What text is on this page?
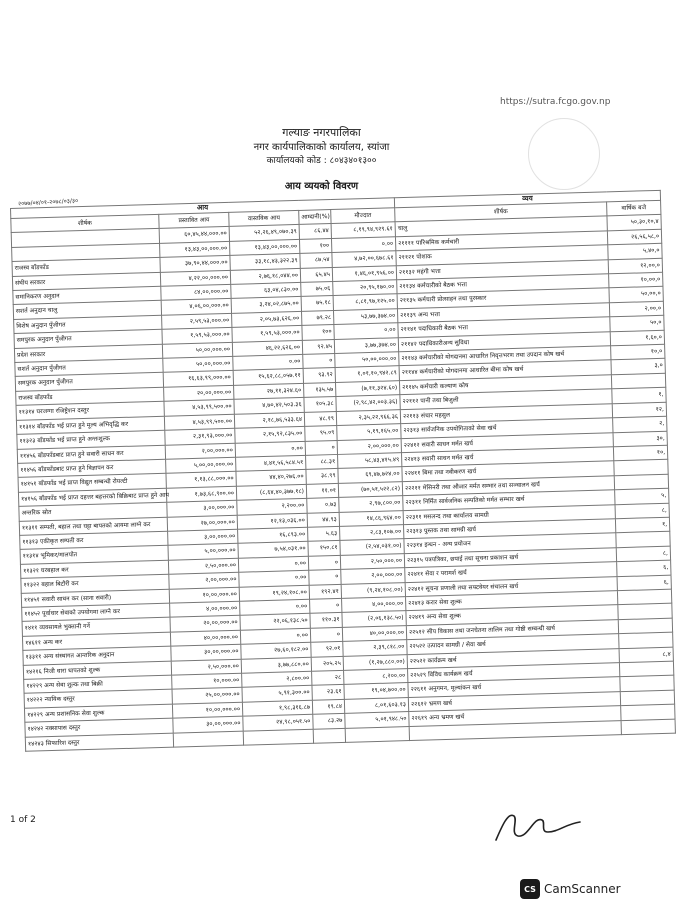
https://sutra.fcgo.gov.np
गल्याङ नगरपालिका
नगर कार्यपालिकाको कार्यालय, स्यांजा
कार्यालयको कोड : ८०४३४०१३००
आय व्ययको विवरण
२०७७/०४/०१-२०७८/०३/३०
आय					व्यय	
शीर्षक	प्रस्तावित आय	वास्तविक आय	आम्दानी(%)	मौज्दात	शीर्षक	वार्षिक बजे
	६०,४५,४४,०००.००	५२,२६,४९,०७०.३९	८६.४४	८,१९,९४,९२९.६१	चालु	५०,३०,१०,४
	१३,४३,००,०००.००	१३,४३,००,०००.००	१००	०.००	२११११ पारिश्रमिक कर्मचारी	२६,५६,५८,०
राजस्व बाँडफाँड	३७,९०,४४,०००.००	३३,१८,४३,३२२.३९	८७.५४	४,७२,००,६७८.६१	२११२१ पोशाक	५,४०,०
संघीय सरकार	४,२२,००,०००.००	२,७६,१८,०४४.००	६५.४५	१,४६,०१,९५६.००	२११३२ महंगी भत्ता	१२,००,०
समानिकरण अनुदान	८४,००,०००.००	६३,०४,८३०.००	७५.०६	२०,९५,१७०.००	२११३४ कर्मचारीको बैठक भत्ता	१०,००,०
सशर्त अनुदान चालु	४,०६,००,०००.००	३,२४,०२,८७५.००	७५.१८	८,८१,९७,१२५.००	२११३५ कर्मचारी प्रोत्साहन तथा पुरस्कार	५०,००,०
विशेष अनुदान पुँजीगत	२,५९,५३,०००.००	२,०५,७३,६२६.००	७९.२८	५३,७७,३७४.००	२११३९ अन्य भत्ता	२,००,०
समपुरक अनुदान पुँजीगत	१,५९,५३,०००.००	१,५९,५३,०००.००	१००	०.००	२११४१ पदाधिकारी बैठक भत्ता	५०,०
प्रदेश सरकार	५०,००,०००.००	४६,२२,६२६.००	९२.४५	३,७७,३७४.००	२११४२ पदाधिकारीअन्य सुविधा	१,६०,०
सशर्त अनुदान पुँजीगत	५०,००,०००.००	०.००	०	५०,००,०००.००	२११४३ कर्मचारीको योगदानमा आधारित निवृत्तभरण तथा उपदान कोष खर्च	१०,०
समपुरक अनुदान पुँजीगत	१६,६३,९९,०००.००	१५,६२,८८,०५७.११	९३.९२	१,०१,१०,९४२.८९	२११४४ कर्मचारीको योगदानमा आधारित बीमा कोष खर्च	३,०
राजस्व बाँडफाँड	२०,००,०००.००	२७,११,३२४.६०	१३५.५७	(७,११,३२४.६०)	२११४५ कर्मचारी कल्याण कोष	
११३१४ घरजग्गा रजिष्ट्रेशन दस्तुर	४,५३,९९,५००.००	४,७०,४२,५०३.३६	१०५.३८	(२,९८,४२,००३.३६)	२२११२ पानी तथा बिजुली	१,
११३१४ बाँडफाँड भई प्राप्त हुने मूल्य अभिवृद्धि कर	४,५३,९९,५००.००	२,१८,७६,५३३.६४	४८.१९	२,३५,२२,९६६.३६	२२११३ संचार महसुल	१२,
११३२३ बाँडफाँड भई प्राप्त हुने अन्तःशुल्क	२,३१,९३,०००.००	२,१५,९२,८३५.००	९५.०९	५,१९,१६५.००	२२३१३ सार्वजनिक उपयोगिताको सेवा खर्च	२,
११४५६ बाँडफाँडबाट प्राप्त हुने सवारी साधन कर	२,००,०००.००	०.००	०	२,००,०००.००	२२४१२ सवारी साधन मर्मत खर्च	३०,
११४५६ बाँडफाँडबाट प्राप्त हुने विज्ञापन कर	५,००,००,०००.००	४,४१,५६,५८४.५१	८८.३१	५८,४३,४१५.४९	२२४१३ सवारी साधन मर्मत खर्च	१०,
१४१५१ बाँडफाँड भई प्राप्त विद्युत सम्बन्धी रोयल्टी	१,१३,८८,०००.००	४४,४०,२७६.००	३८.९९	६९,४७,७२४.००	२२४११ बिमा तथा नवीकरण खर्च	
१४१५६ बाँडफाँड भई प्राप्त दहत्तर बहत्तरको बिक्रिबाट प्राप्त हुने आय	१,७३,६८,९००.००	(८,६४,४०,३७७.१८)	११.०१	(७०,५१,५२२.८२)	२२२११ मेसिनरी तथा औजार मर्मत सम्भार तथा सञ्चालन खर्च	
अन्तरिक स्रोत	३,००,०००.००	२,२००.००	०.७३	२,९७,८००.००	२२३११ निर्मित सार्वजनिक सम्पतिको मर्मत सम्भार खर्च	५,
११३११ सम्पती, बहाल तथा घट्टा बापतको आयमा लाग्ने कर	२७,००,०००.००	१२,१३,०३६.००	४४.९३	१४,८६,९६४.००	२२३११ मसलन्द तथा कार्यालय सामग्री	८,
११३१३ एकीकृत सम्पती कर	३,००,०००.००	१६,८९३.००	५.६३	२,८३,१०७.००	२२३१३ पुस्तक तथा सामग्री खर्च	१,
११३१४ भूमिकर/मालपोत	५,००,०००.००	७,५४,०३१.००	१५०.८१	(२,५४,०३१.००)	२२३१४ इन्धन - अन्य प्रयोजन	
११३२१ घरबहाल कर	२,५०,०००.००	०.००	०	२,५०,०००.००	२२३१५ पत्रपत्रिका, छपाई तथा सूचना प्रकाशन खर्च	८,
११३२२ बहाल बिटौरी कर	२,००,०००.००	०.००	०	२,००,०००.००	२२४११ सेवा र परामर्श खर्च	६,
११४५१ सवारी साधन कर (साना सवारी)	१०,००,०००.००	१९,२४,१०८.००	१९२.४१	(९,२४,१०८.००)	२२४१२ सूचना प्रणाली तथा सफ्टवेयर संचालन खर्च	६,
११४५२ पूर्वाधार सेवाको उपयोगमा लाग्ने कर	४,००,०००.००	०.००	०	४,००,०००.००	२२४१३ करार सेवा शुल्क	
१४११ व्यवसायले भुक्तानी गर्ने	२०,००,०००.००	२२,०६,१३८.५०	११०.३१	(२,०६,१३८.५०)	२२४१९ अन्य सेवा शुल्क	
१४६११ अन्य कर	४०,००,०००.००	०.००	०	४०,००,०००.००	२२५१२ सीप विकास तथा जनचेतना तालिम तथा गोष्ठी सम्बन्धी खर्च	
१३३११ अन्य संस्थागत आन्तरिक अनुदान	३०,००,०००.००	२७,६०,१८२.००	९२.०१	२,३९,८१८.००	२२५२२ उत्पादन सामग्री / सेवा खर्च	
१४२१६ निजी धारा धापतको शुल्क	२,५०,०००.००	३,७७,८८०.००	२०५.२५	(१,२७,८८०.००)	२२५२२ कार्यक्रम खर्च	८,४
१४२२९ अन्य सेवा शुल्क तथा बिक्री	१०,०००.००	२,८००.००	२८	८,२००.००	२२५२९ विविध कार्यक्रम खर्च	
१४२२२ न्यायिक दस्तुर	२५,००,०००.००	५,९१,३००.००	२३.६१	१९,०४,७००.००	२२६११ अनुगमन, मूल्यांकन खर्च	
१४२२९ अन्य प्रशासनिक सेवा शुल्क	१०,००,०००.००	१,९८,३१६.८७	१९.८४	८,०१,६०३.१३	२२६१२ भ्रमण खर्च	
१४२४२ नक्सापास दस्तुर	३०,००,०००.००	२४,९८,०५१.५०	८३.२७	५,०१,९४८.५०	२२६१९ अन्य भ्रमण खर्च	
१४२४३ सिफारिश दस्तुर						
1 of 2
CS CamScanner
